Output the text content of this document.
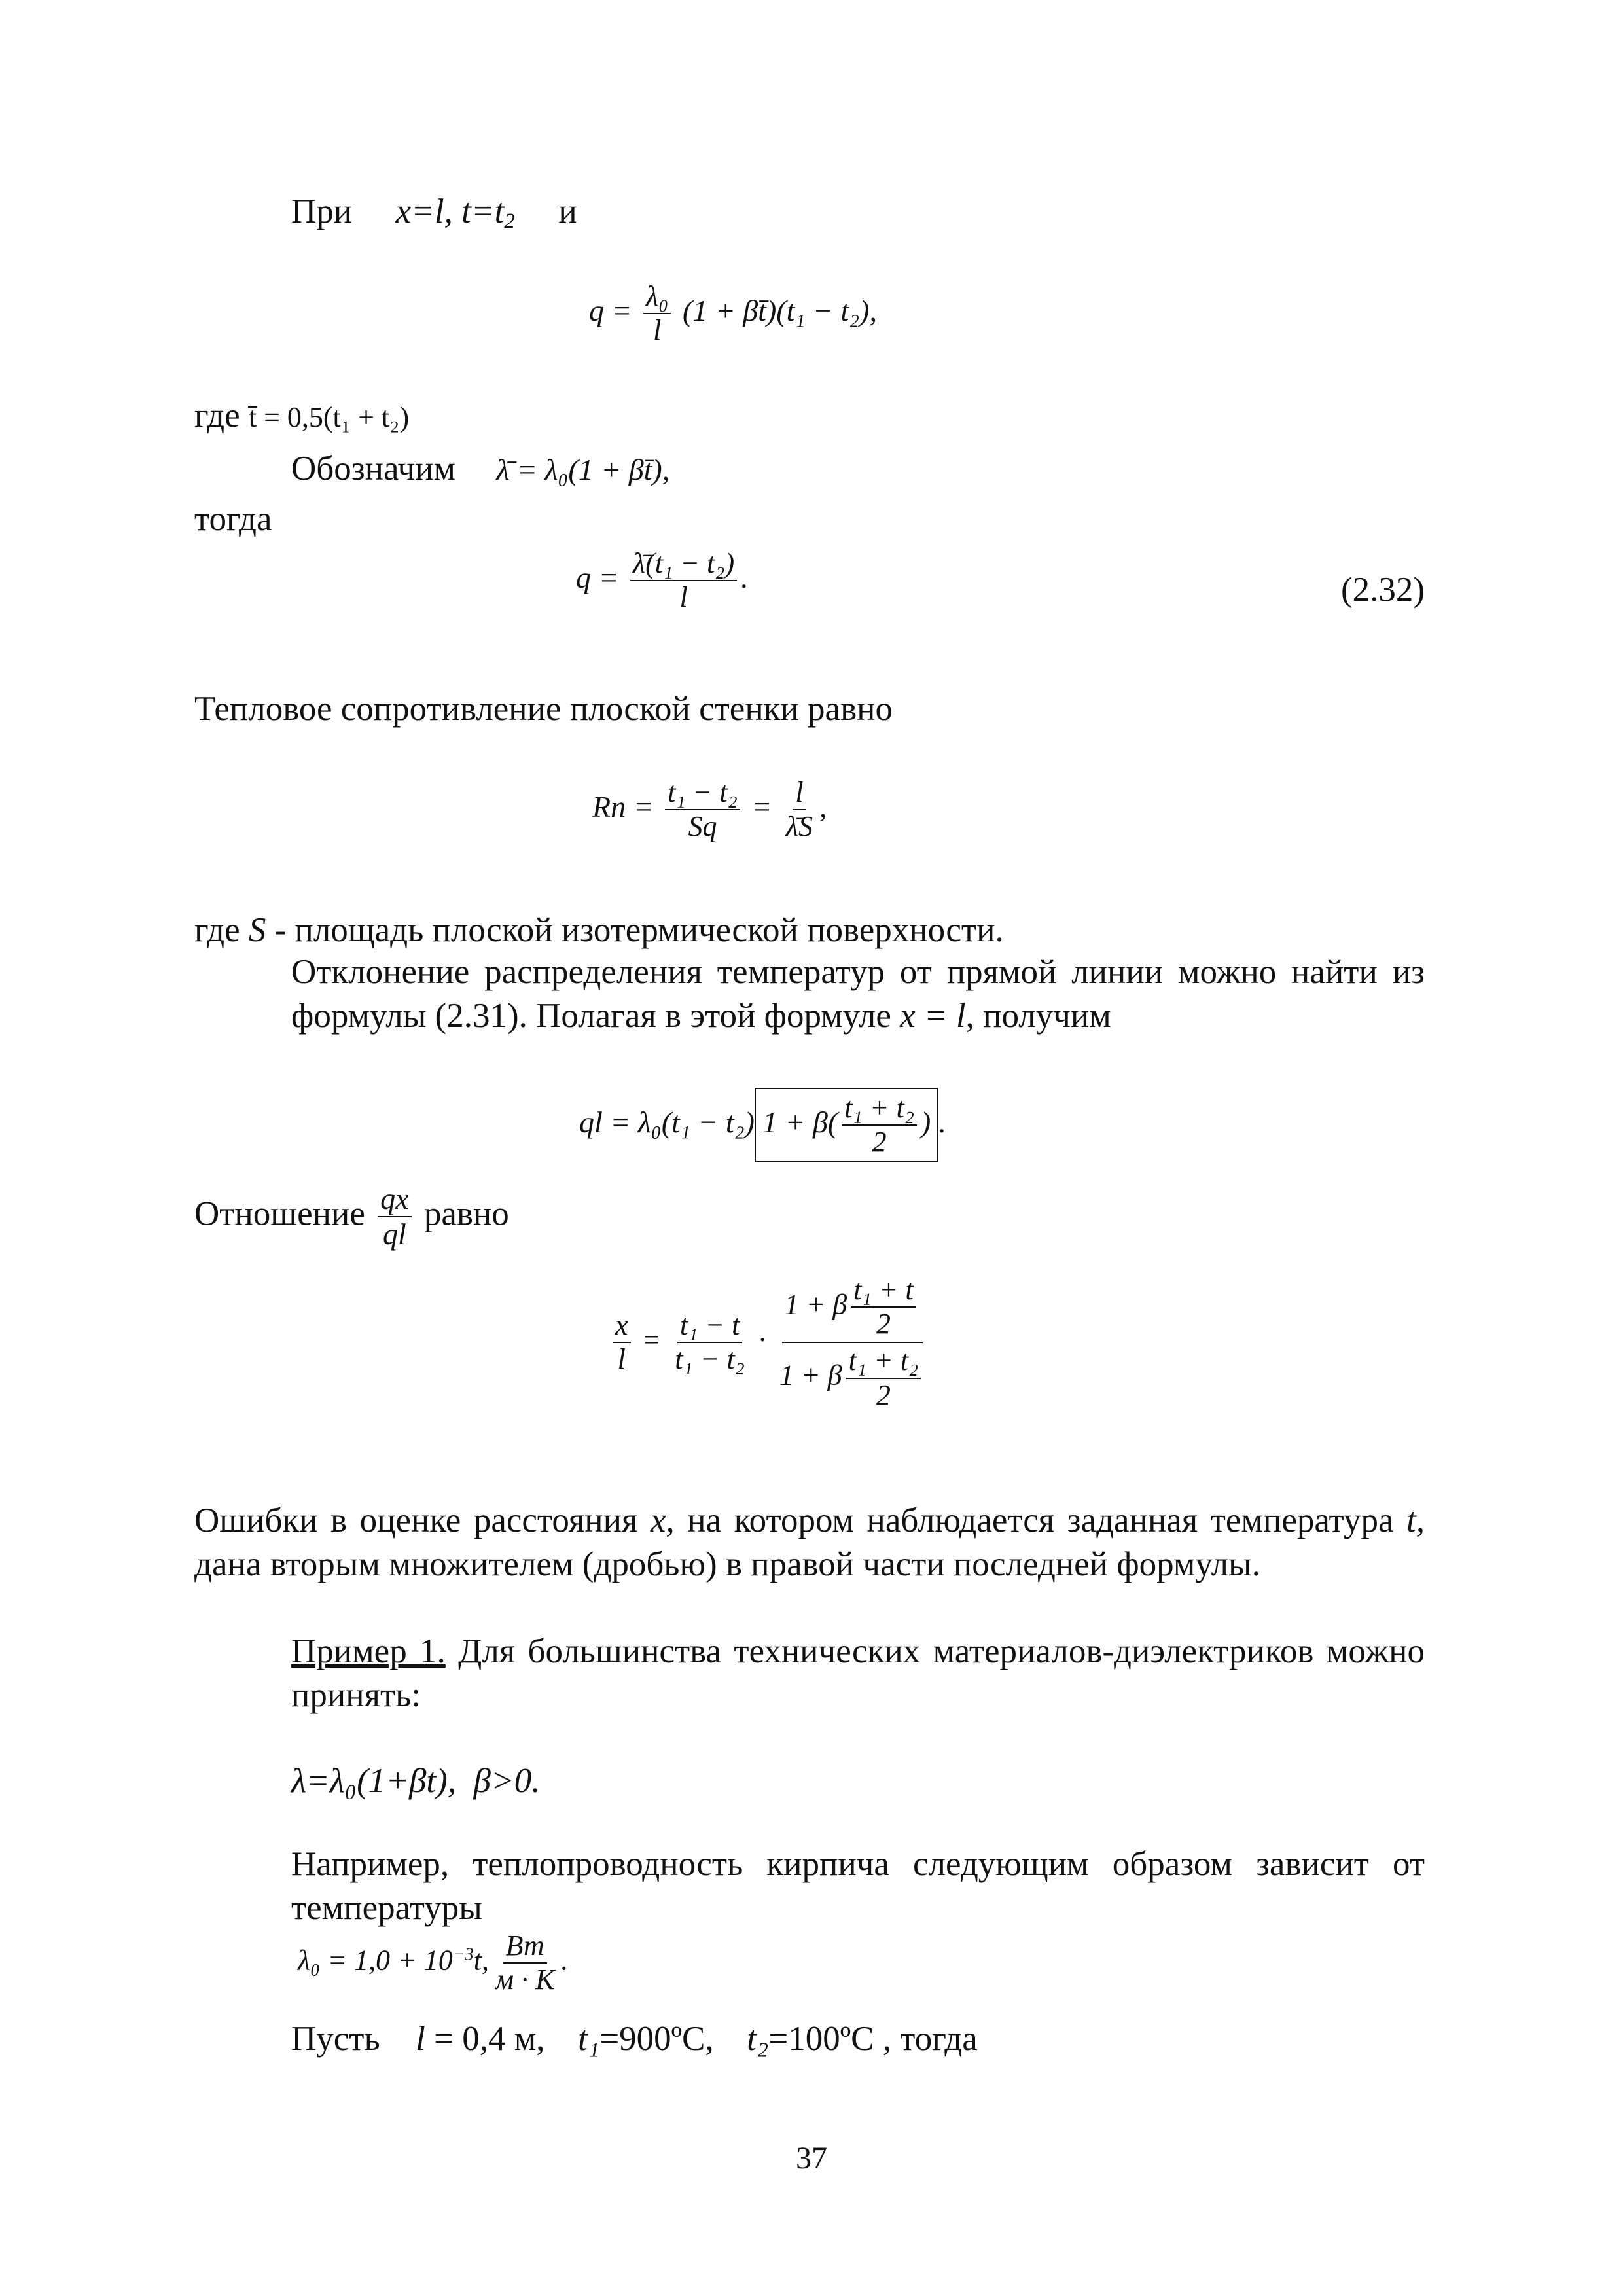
При x=l, $t=t_2$ и
$q = \frac{\text{λ₀}}{l} (1$ + βt̄)(t₁ − t₂),
где t̄ = 0,5(t₁ + t₂)
Обозначим λ̄ = λ₀(1 + βt̄),
тогда
$q = \frac{\text{λ̄(t₁ − t₂)}}{l}$ .	(2.32)
Тепловое сопротивление плоской стенки равно
Rп = $\frac{\text{t₁ − t₂}}{Sq} = \frac{l}{\lambdāS}$ ,
где S - площадь плоской изотермической поверхности.
Отклонение распределения температур от прямой линии можно найти из формулы (2.31). Полагая в этой формуле x = l, получим
ql = λ₀(t₁ − t₂) $1 + \beta( \frac{\text{t₁ + t₂}}{2}$ ) .
Отношение $\frac{qx}{ql}$ равно
$\frac{x}{l} = \frac{\text{t₁ − t}}{\text{t₁ − t₂}} \cdot \frac{1 + \beta \frac{\text{t₁ + t}}{2}}{1 + \beta \frac{\text{t₁ + t₂}}{2}}$
Ошибки в оценке расстояния x, на котором наблюдается заданная температура t, дана вторым множителем (дробью) в правой части последней формулы.
Пример 1. Для большинства технических материалов-диэлектриков можно принять:
λ=λ₀(1+βt),  β>0.
Например, теплопроводность кирпича следующим образом зависит от температуры
$\lambda_0 = 1,0 + 10^{-3}t$, $\frac{Вт}{м \cdot К}$ .
Пусть l = 0,4 м, t₁=900ºС, t₂=100ºС , тогда
37
